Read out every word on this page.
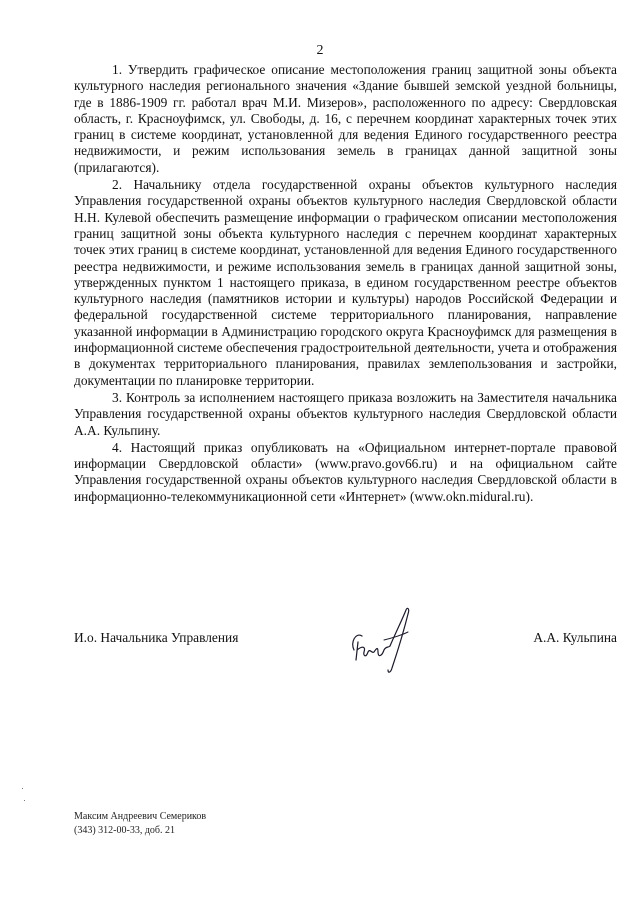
2

1. Утвердить графическое описание местоположения границ защитной зоны объекта культурного наследия регионального значения «Здание бывшей земской уездной больницы, где в 1886-1909 гг. работал врач М.И. Мизеров», расположенного по адресу: Свердловская область, г. Красноуфимск, ул. Свободы, д. 16, с перечнем координат характерных точек этих границ в системе координат, установленной для ведения Единого государственного реестра недвижимости, и режим использования земель в границах данной защитной зоны (прилагаются).

2. Начальнику отдела государственной охраны объектов культурного наследия Управления государственной охраны объектов культурного наследия Свердловской области Н.Н. Кулевой обеспечить размещение информации о графическом описании местоположения границ защитной зоны объекта культурного наследия с перечнем координат характерных точек этих границ в системе координат, установленной для ведения Единого государственного реестра недвижимости, и режиме использования земель в границах данной защитной зоны, утвержденных пунктом 1 настоящего приказа, в едином государственном реестре объектов культурного наследия (памятников истории и культуры) народов Российской Федерации и федеральной государственной системе территориального планирования, направление указанной информации в Администрацию городского округа Красноуфимск для размещения в информационной системе обеспечения градостроительной деятельности, учета и отображения в документах территориального планирования, правилах землепользования и застройки, документации по планировке территории.

3. Контроль за исполнением настоящего приказа возложить на Заместителя начальника Управления государственной охраны объектов культурного наследия Свердловской области А.А. Кульпину.

4. Настоящий приказ опубликовать на «Официальном интернет-портале правовой информации Свердловской области» (www.pravo.gov66.ru) и на официальном сайте Управления государственной охраны объектов культурного наследия Свердловской области в информационно-телекоммуникационной сети «Интернет» (www.okn.midural.ru).

И.о. Начальника Управления	А.А. Кульпина
Максим Андреевич Семериков
(343) 312-00-33, доб. 21
